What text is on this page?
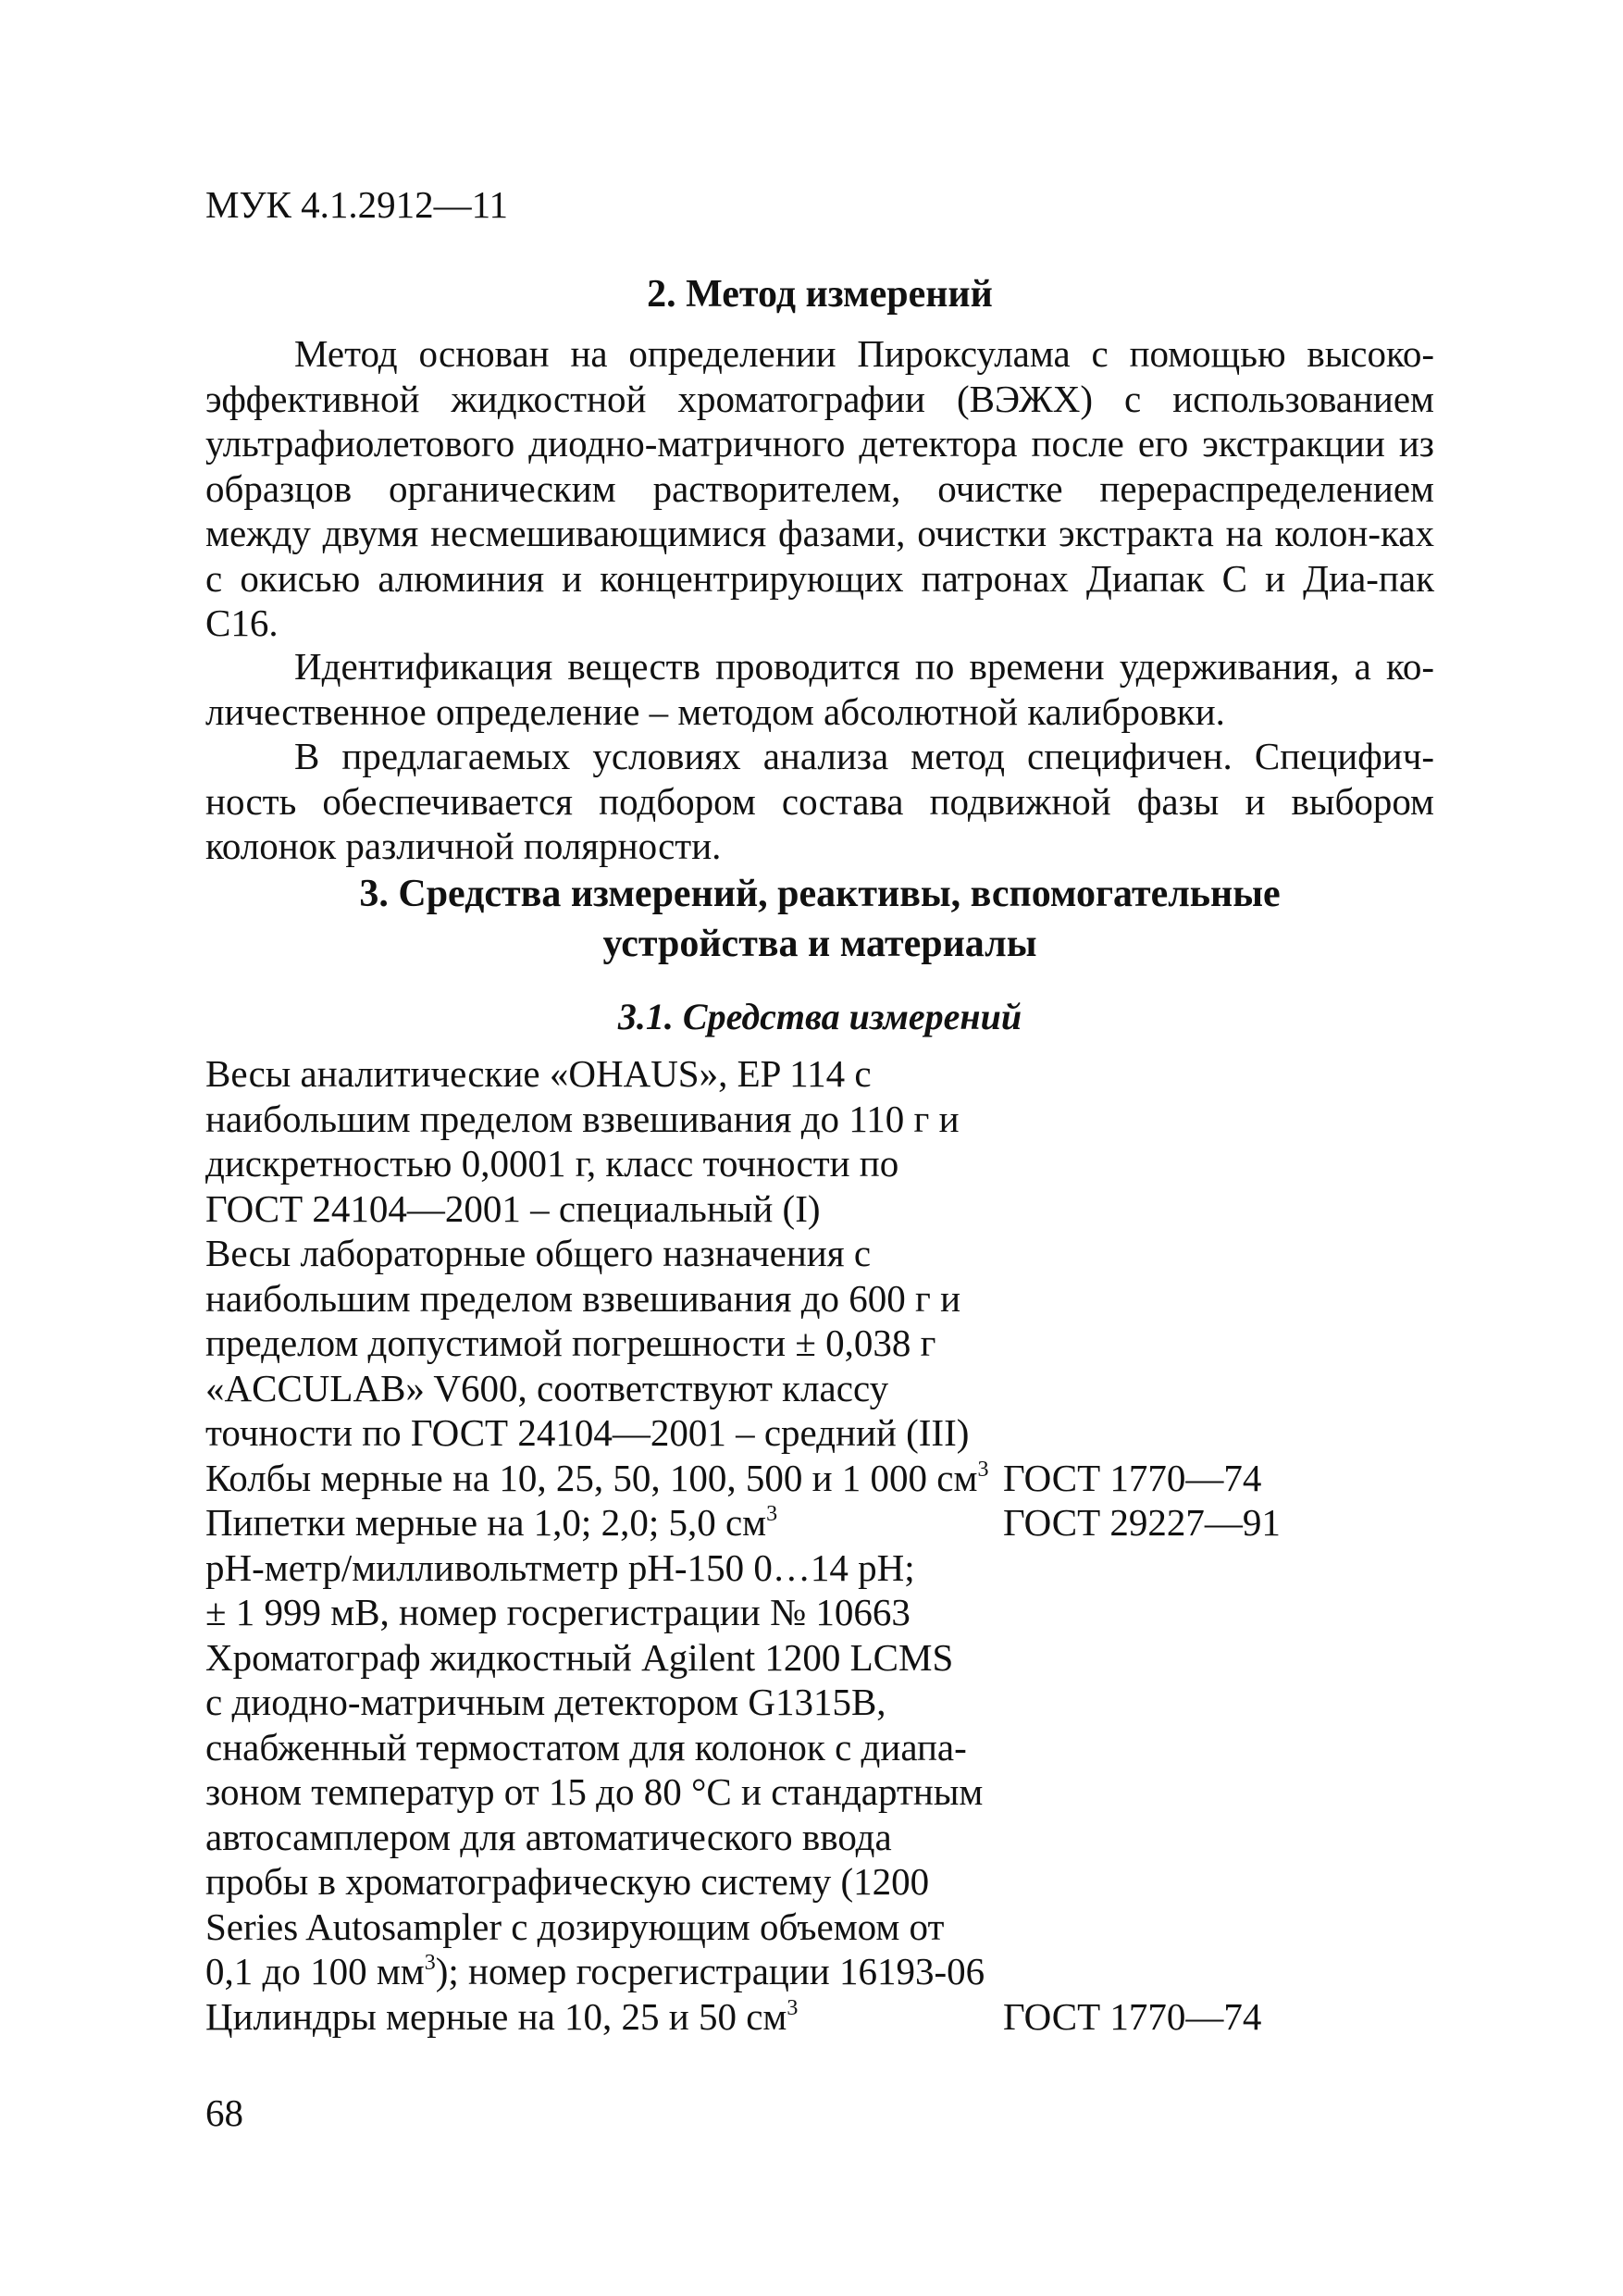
МУК 4.1.2912—11
2. Метод измерений

Метод основан на определении Пироксулама с помощью высоко-эффективной жидкостной хроматографии (ВЭЖХ) с использованием ультрафиолетового диодно-матричного детектора после его экстракции из образцов органическим растворителем, очистке перераспределением между двумя несмешивающимися фазами, очистки экстракта на колон-ках с окисью алюминия и концентрирующих патронах Диапак С и Диа-пак С16.

Идентификация веществ проводится по времени удерживания, а ко-личественное определение – методом абсолютной калибровки.

В предлагаемых условиях анализа метод специфичен. Специфич-ность обеспечивается подбором состава подвижной фазы и выбором колонок различной полярности.

3. Средства измерений, реактивы, вспомогательные
устройства и материалы
3.1. Средства измерений
Весы аналитические «OHAUS», EP 114 с
наибольшим пределом взвешивания до 110 г и
дискретностью 0,0001 г, класс точности по
ГОСТ 24104—2001 – специальный (I)
Весы лабораторные общего назначения с
наибольшим пределом взвешивания до 600 г и
пределом допустимой погрешности ± 0,038 г
«ACCULAB» V600, соответствуют классу
точности по ГОСТ 24104—2001 – средний (III)
Колбы мерные на 10, 25, 50, 100, 500 и 1 000 $см^3$ ГОСТ 1770—74
Пипетки мерные на 1,0; 2,0; 5,0 $см^3$	ГОСТ 29227—91
pH-метр/милливольтметр pH-150 0…14 pH;
± 1 999 мВ, номер госрегистрации № 10663
Хроматограф жидкостный Agilent 1200 LCMS
с диодно-матричным детектором G1315B,
снабженный термостатом для колонок с диапа-
зоном температур от 15 до 80 °С и стандартным
автосамплером для автоматического ввода
пробы в хроматографическую систему (1200
Series Autosampler с дозирующим объемом от
0,1 до 100 $мм^3$); номер госрегистрации 16193-06
Цилиндры мерные на 10, 25 и 50 $см^3$	ГОСТ 1770—74
68
